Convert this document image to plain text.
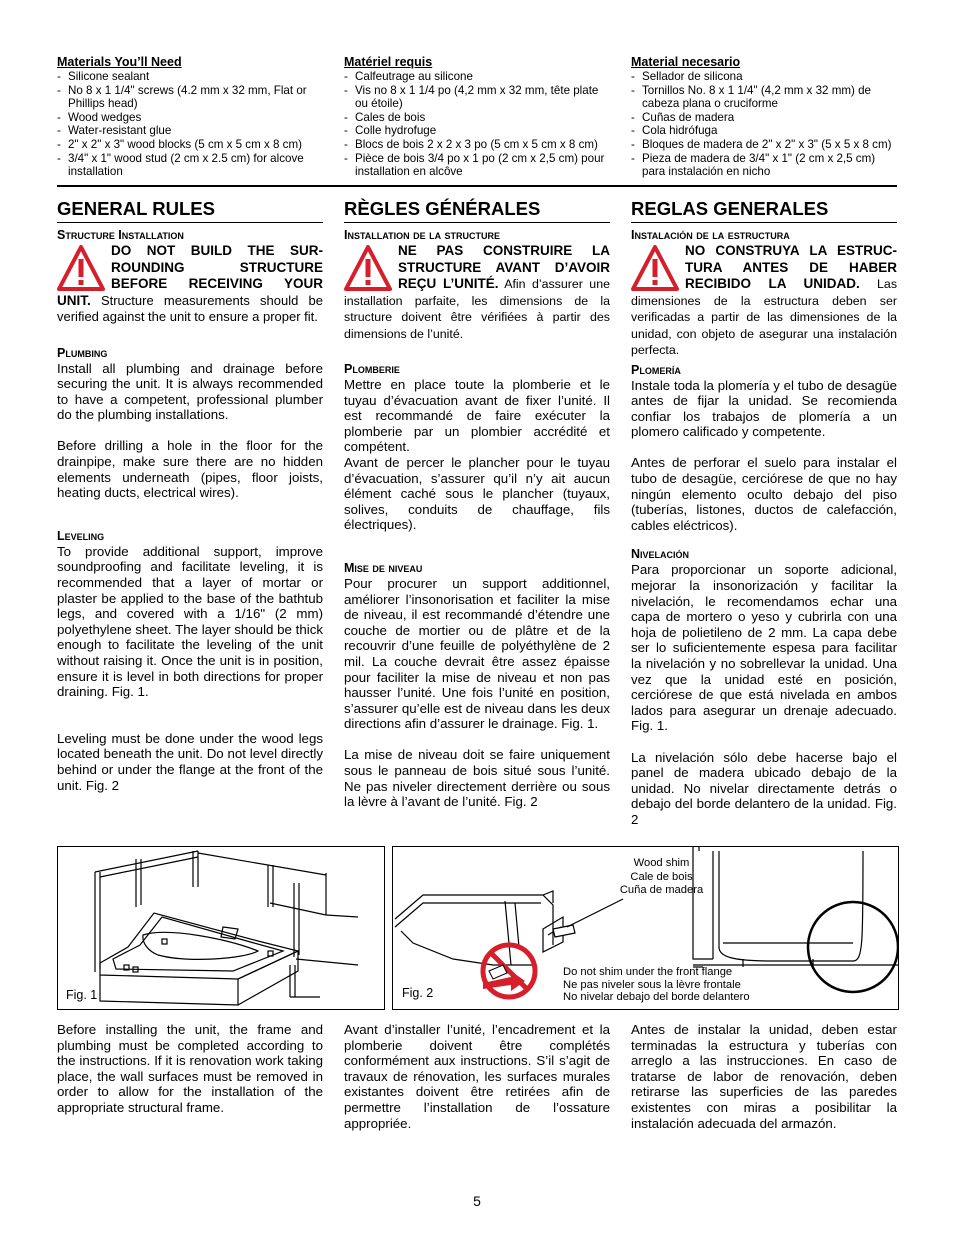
Materials You’ll Need
- Silicone sealant
- No 8 x 1 1/4" screws (4.2 mm x 32 mm, Flat or Phillips head)
- Wood wedges
- Water-resistant glue
- 2" x 2" x 3" wood blocks (5 cm x 5 cm x 8 cm)
- 3/4" x 1" wood stud (2 cm x 2.5 cm) for alcove installation
Matériel requis
- Calfeutrage au silicone
- Vis no 8 x 1 1/4 po (4,2 mm x 32 mm, tête plate ou étoile)
- Cales de bois
- Colle hydrofuge
- Blocs de bois 2 x 2 x 3 po (5 cm x 5 cm x 8 cm)
- Pièce de bois 3/4 po x 1 po (2 cm x 2,5 cm) pour installation en alcôve
Material necesario
- Sellador de silicona
- Tornillos No. 8 x 1 1/4" (4,2 mm x 32 mm) de cabeza plana o cruciforme
- Cuñas de madera
- Cola hidrófuga
- Bloques de madera de 2" x 2" x 3" (5 x 5 x 8 cm)
- Pieza de madera de 3/4" x 1" (2 cm x 2,5 cm) para instalación en nicho
GENERAL RULES
Structure Installation

DO NOT BUILD THE SUR-ROUNDING STRUCTURE BEFORE RECEIVING YOUR UNIT. Structure measurements should be verified against the unit to ensure a proper fit.

Plumbing

Install all plumbing and drainage before securing the unit. It is always recommended to have a competent, professional plumber do the plumbing installations.

Before drilling a hole in the floor for the drainpipe, make sure there are no hidden elements underneath (pipes, floor joists, heating ducts, electrical wires).

Leveling

To provide additional support, improve soundproofing and facilitate leveling, it is recommended that a layer of mortar or plaster be applied to the base of the bathtub legs, and covered with a 1/16" (2 mm) polyethylene sheet. The layer should be thick enough to facilitate the leveling of the unit without raising it. Once the unit is in position, ensure it is level in both directions for proper draining. Fig. 1.

Leveling must be done under the wood legs located beneath the unit. Do not level directly behind or under the flange at the front of the unit. Fig. 2

RÈGLES GÉNÉRALES
Installation de la structure

NE PAS CONSTRUIRE LA STRUCTURE AVANT D’AVOIR REÇU L’UNITÉ. Afin d’assurer une installation parfaite, les dimensions de la structure doivent être vérifiées à partir des dimensions de l’unité.

Plomberie

Mettre en place toute la plomberie et le tuyau d’évacuation avant de fixer l’unité. Il est recommandé de faire exécuter la plomberie par un plombier accrédité et compétent.

Avant de percer le plancher pour le tuyau d’évacuation, s’assurer qu’il n’y ait aucun élément caché sous le plancher (tuyaux, solives, conduits de chauffage, fils électriques).

Mise de niveau

Pour procurer un support additionnel, améliorer l’insonorisation et faciliter la mise de niveau, il est recommandé d’étendre une couche de mortier ou de plâtre et de la recouvrir d’une feuille de polyéthylène de 2 mil. La couche devrait être assez épaisse pour faciliter la mise de niveau et non pas hausser l’unité. Une fois l’unité en position, s’assurer qu’elle est de niveau dans les deux directions afin d’assurer le drainage. Fig. 1.

La mise de niveau doit se faire uniquement sous le panneau de bois situé sous l’unité. Ne pas niveler directement derrière ou sous la lèvre à l’avant de l’unité. Fig. 2

REGLAS GENERALES
Instalación de la estructura

NO CONSTRUYA LA ESTRUC-TURA ANTES DE HABER RECIBIDO LA UNIDAD. Las dimensiones de la estructura deben ser verificadas a partir de las dimensiones de la unidad, con objeto de asegurar una instalación perfecta.

Plomería

Instale toda la plomería y el tubo de desagüe antes de fijar la unidad. Se recomienda confiar los trabajos de plomería a un plomero calificado y competente.

Antes de perforar el suelo para instalar el tubo de desagüe, cerciórese de que no hay ningún elemento oculto debajo del piso (tuberías, listones, ductos de calefacción, cables eléctricos).

Nivelación

Para proporcionar un soporte adicional, mejorar la insonorización y facilitar la nivelación, le recomendamos echar una capa de mortero o yeso y cubrirla con una hoja de polietileno de 2 mm. La capa debe ser lo suficientemente espesa para facilitar la nivelación y no sobrellevar la unidad. Una vez que la unidad esté en posición, cerciórese de que está nivelada en ambos lados para asegurar un drenaje adecuado. Fig. 1.

La nivelación sólo debe hacerse bajo el panel de madera ubicado debajo de la unidad. No nivelar directamente detrás o debajo del borde delantero de la unidad. Fig. 2

Fig. 1	Fig. 2
Wood shim
Cale de bois
Cuña de madera
Do not shim under the front flange
Ne pas niveler sous la lèvre frontale
No nivelar debajo del borde delantero

Before installing the unit, the frame and plumbing must be completed according to the instructions. If it is renovation work taking place, the wall surfaces must be removed in order to allow for the installation of the appropriate structural frame.

Avant d’installer l’unité, l’encadrement et la plomberie doivent être complétés conformément aux instructions. S’il s’agit de travaux de rénovation, les surfaces murales existantes doivent être retirées afin de permettre l’installation de l’ossature appropriée.

Antes de instalar la unidad, deben estar terminadas la estructura y tuberías con arreglo a las instrucciones. En caso de tratarse de labor de renovación, deben retirarse las superficies de las paredes existentes con miras a posibilitar la instalación adecuada del armazón.

5
